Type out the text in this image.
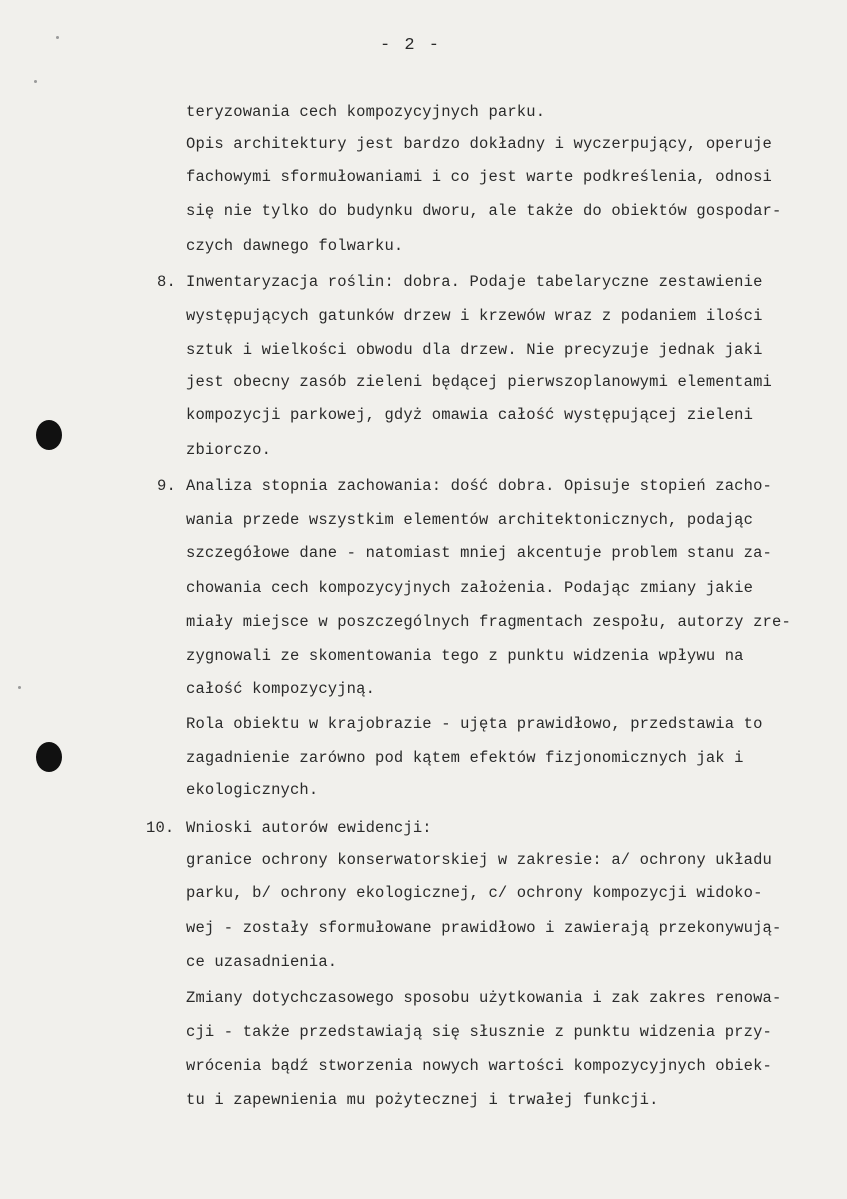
- 2 -
teryzowania cech kompozycyjnych parku.
Opis architektury jest bardzo dokładny i wyczerpujący, operuje
fachowymi sformułowaniami i co jest warte podkreślenia, odnosi
się nie tylko do budynku dworu, ale także do obiektów gospodar-
czych dawnego folwarku.
Inwentaryzacja roślin: dobra. Podaje tabelaryczne zestawienie
8.
występujących gatunków drzew i krzewów wraz z podaniem ilości
sztuk i wielkości obwodu dla drzew. Nie precyzuje jednak jaki
jest obecny zasób zieleni będącej pierwszoplanowymi elementami
kompozycji parkowej, gdyż omawia całość występującej zieleni
zbiorczo.
Analiza stopnia zachowania: dość dobra. Opisuje stopień zacho-
9.
wania przede wszystkim elementów architektonicznych, podając
szczegółowe dane - natomiast mniej akcentuje problem stanu za-
chowania cech kompozycyjnych założenia. Podając zmiany jakie
miały miejsce w poszczególnych fragmentach zespołu, autorzy zre-
zygnowali ze skomentowania tego z punktu widzenia wpływu na
całość kompozycyjną.
Rola obiektu w krajobrazie - ujęta prawidłowo, przedstawia to
zagadnienie zarówno pod kątem efektów fizjonomicznych jak i
ekologicznych.
Wnioski autorów ewidencji:
10.
granice ochrony konserwatorskiej w zakresie: a/ ochrony układu
parku, b/ ochrony ekologicznej, c/ ochrony kompozycji widoko-
wej - zostały sformułowane prawidłowo i zawierają przekonywują-
ce uzasadnienia.
Zmiany dotychczasowego sposobu użytkowania i zak zakres renowa-
cji - także przedstawiają się słusznie z punktu widzenia przy-
wrócenia bądź stworzenia nowych wartości kompozycyjnych obiek-
tu i zapewnienia mu pożytecznej i trwałej funkcji.
